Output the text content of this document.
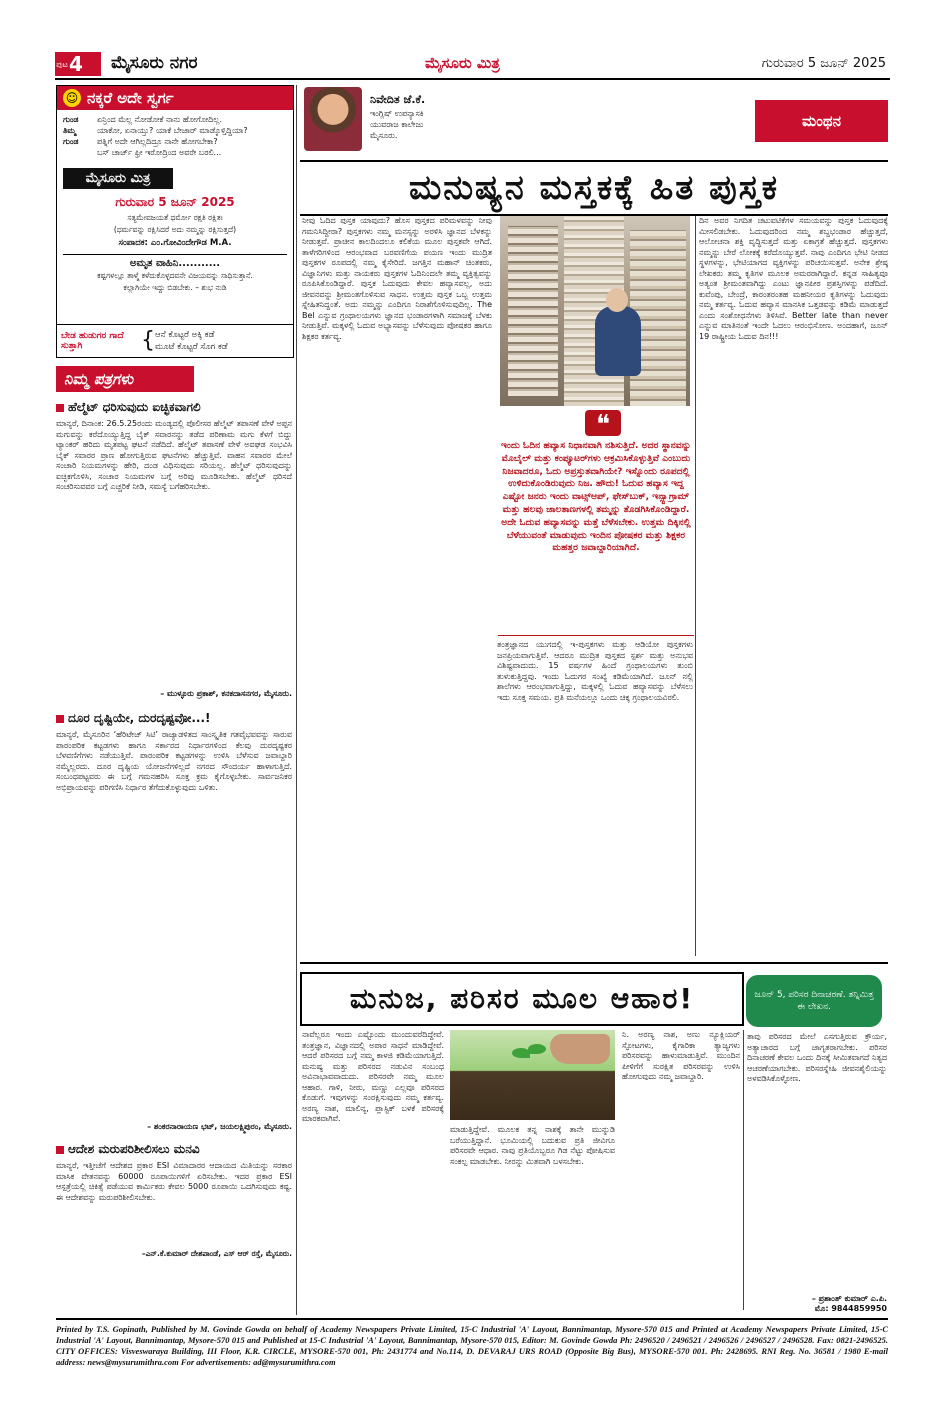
ಪುಟ 4 ಮೈಸೂರು ನಗರ	ಮೈಸೂರು ಮಿತ್ರ	ಗುರುವಾರ 5 ಜೂನ್ 2025
☺ ನಕ್ಕರೆ ಅದೇ ಸ್ವರ್ಗ
ಗುಂಡ ಏನ್ರಿಂದ ಮೆಲ್ಲ ನೋಡೋಕೆ ನಾನು ಹೋಗೋದಿಲ್ಲ.
ತಿಮ್ಮ	ಯಾಕೋ, ಏನಾಯ್ತು? ಯಾಕೆ ಬೇಜಾರ್ ಮಾಡ್ಕೊಳ್ತಿದ್ದಿಯಾ?
ಗುಂಡ ಪತ್ನಿಗೆ ಅದೇ ಆಗಿಲ್ಲದಿದ್ರೂ ನಾನೇ ಹೋಗಬೇಕಾ?
ಬಸ್ ಚಾರ್ಜ್ ಫ್ರೀ ಇರೋದ್ರಿಂದ ಅವರೇ ಬರಲಿ...
ಮೈಸೂರು ಮಿತ್ರ
ಗುರುವಾರ 5 ಜೂನ್ 2025
ಸತ್ಯಮೇವಜಯತೆ ಧರ್ಮೋ ರಕ್ಷತಿ ರಕ್ಷಿತಃ
(ಧರ್ಮವನ್ನು ರಕ್ಷಿಸಿದರೆ ಅದು ನಮ್ಮನ್ನು ರಕ್ಷಿಸುತ್ತದೆ)
ಸಂಪಾದಕ: ಎಂ.ಗೋವಿಂದೇಗೌಡ M.A.
ಅಮೃತ ವಾಹಿನಿ...........
ಕಷ್ಟಗಳಲ್ಲೂ ತಾಳ್ಮೆ ಕಳೆದುಕೊಳ್ಳದವನೇ ವಿಜಯವನ್ನು ಸಾಧಿಸುತ್ತಾನೆ.
ಕಲ್ಲಾಗಿಯೇ ಇದ್ದು ಬಿಡಬೇಕು. – ಶುಭ ನುಡಿ
ಬೇಡ ಹುಡುಗರ ಗಾದೆ ಸುತ್ತಾಗಿ	{ ಆನೆ ಕೊಟ್ಟರೆ ಅಕ್ಕಿ ಕಡೆ
ಮೂಟೆ ಕೊಟ್ಟರೆ ಸೊಗ ಕಡೆ
ನಿಮ್ಮ ಪತ್ರಗಳು
ಹೆಲ್ಮೆಟ್ ಧರಿಸುವುದು ಐಚ್ಛಿಕವಾಗಲಿ
ಮಾನ್ಯರೆ, ದಿನಾಂಕ: 26.5.25ರಂದು ಮಂಡ್ಯದಲ್ಲಿ ಪೊಲೀಸರ ಹೆಲ್ಮೆಟ್ ತಪಾಸಣೆ ವೇಳೆ ಅಪ್ಪನ ಮಗುವನ್ನು ಕರೆದೊಯ್ಯುತ್ತಿದ್ದ ಬೈಕ್ ಸವಾರನನ್ನು ತಡೆದ ಪರಿಣಾಮ ಮಗು ಕೆಳಗೆ ಬಿದ್ದು ಟ್ಯಾಂಕರ್ ಹರಿದು ಮೃತಪಟ್ಟ ಘಟನೆ ನಡೆದಿದೆ. ಹೆಲ್ಮೆಟ್ ತಪಾಸಣೆ ವೇಳೆ ಅವಘಡ ಸಂಭವಿಸಿ ಬೈಕ್ ಸವಾರರ ಪ್ರಾಣ ಹೋಗುತ್ತಿರುವ ಘಟನೆಗಳು ಹೆಚ್ಚುತ್ತಿವೆ. ವಾಹನ ಸವಾರರ ಮೇಲೆ ಸಂಚಾರಿ ನಿಯಮಗಳನ್ನು ಹೇರಿ, ದಂಡ ವಿಧಿಸುವುದು ಸರಿಯಲ್ಲ. ಹೆಲ್ಮೆಟ್ ಧರಿಸುವುದನ್ನು ಐಚ್ಛಿಕಗೊಳಿಸಿ, ಸಂಚಾರ ನಿಯಮಗಳ ಬಗ್ಗೆ ಅರಿವು ಮೂಡಿಸಬೇಕು. ಹೆಲ್ಮೆಟ್ ಧರಿಸದೆ ಸಂಚರಿಸುವವರ ಬಗ್ಗೆ ಎಚ್ಚರಿಕೆ ನೀಡಿ, ಸಮಸ್ಯೆ ಬಗೆಹರಿಸಬೇಕು.
– ಮುಳ್ಳೂರು ಪ್ರಕಾಶ್, ಕನಕದಾಸನಗರ, ಮೈಸೂರು.
ದೂರ ದೃಷ್ಟಿಯೇ, ದುರದೃಷ್ಟವೋ...!
ಮಾನ್ಯರೆ, ಮೈಸೂರಿನ ‘ಹೆರಿಟೇಜ್ ಸಿಟಿ’ ರಾಜ್ಯಾಡಳಿತದ ಸಾಂಸ್ಕೃತಿಕ ಗತವೈಭವವನ್ನು ಸಾರುವ ಪಾರಂಪರಿಕ ಕಟ್ಟಡಗಳು ಹಾಗೂ ಸರ್ಕಾರದ ನಿರ್ಧಾರಗಳಿಂದ ಕೆಲವು ದುರದೃಷ್ಟಕರ ಬೆಳವಣಿಗೆಗಳು ನಡೆಯುತ್ತಿವೆ. ಪಾರಂಪರಿಕ ಕಟ್ಟಡಗಳನ್ನು ಉಳಿಸಿ ಬೆಳೆಸುವ ಜವಾಬ್ದಾರಿ ನಮ್ಮೆಲ್ಲರದು. ದೂರ ದೃಷ್ಟಿಯ ಯೋಜನೆಗಳಿಲ್ಲದೆ ನಗರದ ಸೌಂದರ್ಯ ಹಾಳಾಗುತ್ತಿದೆ. ಸಂಬಂಧಪಟ್ಟವರು ಈ ಬಗ್ಗೆ ಗಮನಹರಿಸಿ ಸೂಕ್ತ ಕ್ರಮ ಕೈಗೊಳ್ಳಬೇಕು. ಸಾರ್ವಜನಿಕರ ಅಭಿಪ್ರಾಯವನ್ನು ಪರಿಗಣಿಸಿ ನಿರ್ಧಾರ ತೆಗೆದುಕೊಳ್ಳುವುದು ಒಳಿತು.
– ಶಂಕರನಾರಾಯಣ ಭಟ್, ಜಯಲಕ್ಷ್ಮಿಪುರಂ, ಮೈಸೂರು.
ಆದೇಶ ಮರುಪರಿಶೀಲಿಸಲು ಮನವಿ
ಮಾನ್ಯರೆ, ಇತ್ತೀಚೆಗೆ ಆದೇಶದ ಪ್ರಕಾರ ESI ವಿಮಾದಾರರ ಆದಾಯದ ಮಿತಿಯನ್ನು ಸರಕಾರ ಮಾಸಿಕ ವೇತನವನ್ನು 60000 ರೂಪಾಯಿಗಳಿಗೆ ಏರಿಸಬೇಕು. ಇದರ ಪ್ರಕಾರ ESI ಆಸ್ಪತ್ರೆಯಲ್ಲಿ ಚಿಕಿತ್ಸೆ ಪಡೆಯುವ ಕಾರ್ಮಿಕರು ಕೇವಲ 5000 ರೂಪಾಯಿ ಒದಗಿಸುವುದು ಕಷ್ಟ. ಈ ಆದೇಶವನ್ನು ಮರುಪರಿಶೀಲಿಸಬೇಕು.
–ಎನ್.ಕೆ.ಕುಮಾರ್ ದೇಶಪಾಂಡೆ, ಎಸ್ ಆರ್ ರಸ್ತೆ, ಮೈಸೂರು.
ನಿವೇದಿತ ಜೆ.ಕೆ.
ಇಂಗ್ಲಿಷ್ ಉಪನ್ಯಾಸಕಿ
ಯುವರಾಜ ಕಾಲೇಜು
ಮೈಸೂರು.
ಮಂಥನ
ಮನುಷ್ಯನ ಮಸ್ತಕಕ್ಕೆ ಹಿತ ಪುಸ್ತಕ
ನೀವು ಓದಿದ ಪುಸ್ತಕ ಯಾವುದು? ಹೊಸ ಪುಸ್ತಕದ ಪರಿಮಳವನ್ನು ನೀವು ಗಮನಿಸಿದ್ದೀರಾ? ಪುಸ್ತಕಗಳು ನಮ್ಮ ಮನಸ್ಸನ್ನು ಅರಳಿಸಿ ಜ್ಞಾನದ ಬೆಳಕನ್ನು ನೀಡುತ್ತವೆ. ಪ್ರಾಚೀನ ಕಾಲದಿಂದಲೂ ಕಲಿಕೆಯ ಮೂಲ ಪುಸ್ತಕವೇ ಆಗಿದೆ. ತಾಳೆಗರಿಗಳಿಂದ ಆರಂಭವಾದ ಬರವಣಿಗೆಯ ಪಯಣ ಇಂದು ಮುದ್ರಿತ ಪುಸ್ತಕಗಳ ರೂಪದಲ್ಲಿ ನಮ್ಮ ಕೈಸೇರಿದೆ. ಜಗತ್ತಿನ ಮಹಾನ್ ಚಿಂತಕರು, ವಿಜ್ಞಾನಿಗಳು ಮತ್ತು ನಾಯಕರು ಪುಸ್ತಕಗಳ ಓದಿನಿಂದಲೇ ತಮ್ಮ ವ್ಯಕ್ತಿತ್ವವನ್ನು ರೂಪಿಸಿಕೊಂಡಿದ್ದಾರೆ. ಪುಸ್ತಕ ಓದುವುದು ಕೇವಲ ಹವ್ಯಾಸವಲ್ಲ, ಅದು ಜೀವನವನ್ನು ಶ್ರೀಮಂತಗೊಳಿಸುವ ಸಾಧನ. ಉತ್ತಮ ಪುಸ್ತಕ ಒಬ್ಬ ಉತ್ತಮ ಸ್ನೇಹಿತನಿದ್ದಂತೆ. ಅದು ನಮ್ಮನ್ನು ಎಂದಿಗೂ ನಿರಾಶೆಗೊಳಿಸುವುದಿಲ್ಲ. The Bel ಎನ್ನುವ ಗ್ರಂಥಾಲಯಗಳು ಜ್ಞಾನದ ಭಂಡಾರಗಳಾಗಿ ಸಮಾಜಕ್ಕೆ ಬೆಳಕು ನೀಡುತ್ತಿವೆ. ಮಕ್ಕಳಲ್ಲಿ ಓದುವ ಅಭ್ಯಾಸವನ್ನು ಬೆಳೆಸುವುದು ಪೋಷಕರ ಹಾಗೂ ಶಿಕ್ಷಕರ ಕರ್ತವ್ಯ.
❝
ಇಂದು ಓದಿನ ಹವ್ಯಾಸ ನಿಧಾನವಾಗಿ ನಶಿಸುತ್ತಿದೆ. ಅದರ ಸ್ಥಾನವನ್ನು ಮೊಬೈಲ್ ಮತ್ತು ಕಂಪ್ಯೂಟರ್‌ಗಳು ಆಕ್ರಮಿಸಿಕೊಳ್ಳುತ್ತಿವೆ ಎಂಬುದು ನಿಜವಾದರೂ, ಓದು ಅಪ್ರಸ್ತುತವಾಗಿಯೇ? ಇಸ್ನೊಂದು ರೂಪದಲ್ಲಿ ಉಳಿದುಕೊಂಡಿರುವುದು ನಿಜ. ಹೌದು! ಓದುವ ಹವ್ಯಾಸ ಇದ್ದ ಎಷ್ಟೋ ಜನರು ಇಂದು ವಾಟ್ಸ್‌ಆಪ್, ಫೇಸ್‌ಬುಕ್, ಇನ್ಸ್ಟಾಗ್ರಾಮ್ ಮತ್ತು ಹಲವು ಜಾಲತಾಣಗಳಲ್ಲಿ ತಮ್ಮನ್ನು ತೊಡಗಿಸಿಕೊಂಡಿದ್ದಾರೆ. ಅದೇ ಓದುವ ಹವ್ಯಾಸವನ್ನು ಮತ್ತೆ ಬೆಳೆಸಬೇಕು. ಉತ್ತಮ ದಿಕ್ಕಿನಲ್ಲಿ ಬೆಳೆಯುವಂತೆ ಮಾಡುವುದು ಇಂದಿನ ಪೋಷಕರ ಮತ್ತು ಶಿಕ್ಷಕರ ಮಹತ್ತರ ಜವಾಬ್ದಾರಿಯಾಗಿದೆ.
ತಂತ್ರಜ್ಞಾನದ ಯುಗದಲ್ಲಿ ಇ-ಪುಸ್ತಕಗಳು ಮತ್ತು ಆಡಿಯೋ ಪುಸ್ತಕಗಳು ಜನಪ್ರಿಯವಾಗುತ್ತಿವೆ. ಆದರೂ ಮುದ್ರಿತ ಪುಸ್ತಕದ ಸ್ಪರ್ಶ ಮತ್ತು ಅನುಭವ ವಿಶಿಷ್ಟವಾದುದು. 15 ವರ್ಷಗಳ ಹಿಂದೆ ಗ್ರಂಥಾಲಯಗಳು ತುಂಬಿ ತುಳುಕುತ್ತಿದ್ದವು. ಇಂದು ಓದುಗರ ಸಂಖ್ಯೆ ಕಡಿಮೆಯಾಗಿದೆ. ಜೂನ್ ನಲ್ಲಿ ಶಾಲೆಗಳು ಆರಂಭವಾಗುತ್ತಿದ್ದು, ಮಕ್ಕಳಲ್ಲಿ ಓದುವ ಹವ್ಯಾಸವನ್ನು ಬೆಳೆಸಲು ಇದು ಸೂಕ್ತ ಸಮಯ. ಪ್ರತಿ ಮನೆಯಲ್ಲೂ ಒಂದು ಚಿಕ್ಕ ಗ್ರಂಥಾಲಯವಿರಲಿ.
ದಿನ ಅವರ ನಿಗದಿತ ಚಟುವಟಿಕೆಗಳ ಸಮಯವನ್ನು ಪುಸ್ತಕ ಓದುವುದಕ್ಕೆ ಮೀಸಲಿಡಬೇಕು. ಓದುವುದರಿಂದ ನಮ್ಮ ಶಬ್ದಭಂಡಾರ ಹೆಚ್ಚುತ್ತದೆ, ಆಲೋಚನಾ ಶಕ್ತಿ ವೃದ್ಧಿಸುತ್ತದೆ ಮತ್ತು ಏಕಾಗ್ರತೆ ಹೆಚ್ಚುತ್ತದೆ. ಪುಸ್ತಕಗಳು ನಮ್ಮನ್ನು ಬೇರೆ ಲೋಕಕ್ಕೆ ಕರೆದೊಯ್ಯುತ್ತವೆ. ನಾವು ಎಂದಿಗೂ ಭೇಟಿ ನೀಡದ ಸ್ಥಳಗಳನ್ನು, ಭೇಟಿಯಾಗದ ವ್ಯಕ್ತಿಗಳನ್ನು ಪರಿಚಯಿಸುತ್ತವೆ. ಅನೇಕ ಶ್ರೇಷ್ಠ ಲೇಖಕರು ತಮ್ಮ ಕೃತಿಗಳ ಮೂಲಕ ಅಮರರಾಗಿದ್ದಾರೆ. ಕನ್ನಡ ಸಾಹಿತ್ಯವೂ ಅತ್ಯಂತ ಶ್ರೀಮಂತವಾಗಿದ್ದು ಎಂಟು ಜ್ಞಾನಪೀಠ ಪ್ರಶಸ್ತಿಗಳನ್ನು ಪಡೆದಿದೆ. ಕುವೆಂಪು, ಬೇಂದ್ರೆ, ಕಾರಂತರಂತಹ ಮಹನೀಯರ ಕೃತಿಗಳನ್ನು ಓದುವುದು ನಮ್ಮ ಕರ್ತವ್ಯ. ಓದುವ ಹವ್ಯಾಸ ಮಾನಸಿಕ ಒತ್ತಡವನ್ನು ಕಡಿಮೆ ಮಾಡುತ್ತದೆ ಎಂದು ಸಂಶೋಧನೆಗಳು ತಿಳಿಸಿವೆ. Better late than never ಎನ್ನುವ ಮಾತಿನಂತೆ ಇಂದೇ ಓದಲು ಆರಂಭಿಸೋಣ. ಅಂದಹಾಗೆ, ಜೂನ್ 19 ರಾಷ್ಟ್ರೀಯ ಓದುವ ದಿನ!!!
ಮನುಜ, ಪರಿಸರ ಮೂಲ ಆಹಾರ!	ಜೂನ್ 5, ಪರಿಸರ ದಿನಾಚರಣೆ. ತನ್ನಿಮಿತ್ತ ಈ ಲೇಖನ.
ನಾವೆಲ್ಲರೂ ಇಂದು ಎಷ್ಟೊಂದು ಮುಂದುವರೆದಿದ್ದೇವೆ. ತಂತ್ರಜ್ಞಾನ, ವಿಜ್ಞಾನದಲ್ಲಿ ಅಪಾರ ಸಾಧನೆ ಮಾಡಿದ್ದೇವೆ. ಆದರೆ ಪರಿಸರದ ಬಗ್ಗೆ ನಮ್ಮ ಕಾಳಜಿ ಕಡಿಮೆಯಾಗುತ್ತಿದೆ. ಮನುಷ್ಯ ಮತ್ತು ಪರಿಸರದ ನಡುವಿನ ಸಂಬಂಧ ಅವಿನಾಭಾವವಾದುದು. ಪರಿಸರವೇ ನಮ್ಮ ಮೂಲ ಆಹಾರ. ಗಾಳಿ, ನೀರು, ಮಣ್ಣು ಎಲ್ಲವೂ ಪರಿಸರದ ಕೊಡುಗೆ. ಇವುಗಳನ್ನು ಸಂರಕ್ಷಿಸುವುದು ನಮ್ಮ ಕರ್ತವ್ಯ. ಅರಣ್ಯ ನಾಶ, ಮಾಲಿನ್ಯ, ಪ್ಲಾಸ್ಟಿಕ್ ಬಳಕೆ ಪರಿಸರಕ್ಕೆ ಮಾರಕವಾಗಿವೆ.
ಮಾಡುತ್ತಿದ್ದೇವೆ. ಮೂಲಕ ತನ್ನ ನಾಶಕ್ಕೆ ತಾನೇ ಮುನ್ನುಡಿ ಬರೆಯುತ್ತಿದ್ದಾನೆ. ಭೂಮಿಯಲ್ಲಿ ಬದುಕುವ ಪ್ರತಿ ಜೀವಿಗೂ ಪರಿಸರವೇ ಆಧಾರ. ನಾವು ಪ್ರತಿಯೊಬ್ಬರೂ ಗಿಡ ನೆಟ್ಟು ಪೋಷಿಸುವ ಸಂಕಲ್ಪ ಮಾಡಬೇಕು. ನೀರನ್ನು ಮಿತವಾಗಿ ಬಳಸಬೇಕು.
ನಿ. ಅರಣ್ಯ ನಾಶ, ಅಣು ನ್ಯೂಕ್ಲಿಯರ್ ಸ್ಫೋಟಗಳು, ಕೈಗಾರಿಕಾ ತ್ಯಾಜ್ಯಗಳು ಪರಿಸರವನ್ನು ಹಾಳುಮಾಡುತ್ತಿವೆ. ಮುಂದಿನ ಪೀಳಿಗೆಗೆ ಸುರಕ್ಷಿತ ಪರಿಸರವನ್ನು ಉಳಿಸಿ ಹೋಗುವುದು ನಮ್ಮ ಜವಾಬ್ದಾರಿ.
ತಾವು ಪರಿಸರದ ಮೇಲೆ ಎಸಗುತ್ತಿರುವ ಕ್ರೌರ್ಯ, ಅತ್ಯಾಚಾರದ ಬಗ್ಗೆ ಜಾಗೃತರಾಗಬೇಕು. ಪರಿಸರ ದಿನಾಚರಣೆ ಕೇವಲ ಒಂದು ದಿನಕ್ಕೆ ಸೀಮಿತವಾಗದೆ ನಿತ್ಯದ ಆಚರಣೆಯಾಗಬೇಕು. ಪರಿಸರಸ್ನೇಹಿ ಜೀವನಶೈಲಿಯನ್ನು ಅಳವಡಿಸಿಕೊಳ್ಳೋಣ.
– ಪ್ರಶಾಂತ್ ಕುಮಾರ್ ಎ.ಪಿ.
ಮೊ: 9844859950
Printed by T.S. Gopinath, Published by M. Govinde Gowda on behalf of Academy Newspapers Private Limited, 15-C Industrial 'A' Layout, Bannimantap, Mysore-570 015 and Printed at Academy Newspapers Private Limited, 15-C Industrial 'A' Layout, Bannimantap, Mysore-570 015 and Published at 15-C Industrial 'A' Layout, Bannimantap, Mysore-570 015, Editor: M. Govinde Gowda Ph: 2496520 / 2496521 / 2496526 / 2496527 / 2496528. Fax: 0821-2496525. CITY OFFICES: Visveswaraya Building, III Floor, K.R. CIRCLE, MYSORE-570 001, Ph: 2431774 and No.114, D. DEVARAJ URS ROAD (Opposite Big Bus), MYSORE-570 001. Ph: 2428695. RNI Reg. No. 36581 / 1980 E-mail address: news@mysurumithra.com For advertisements: ad@mysurumithra.com
